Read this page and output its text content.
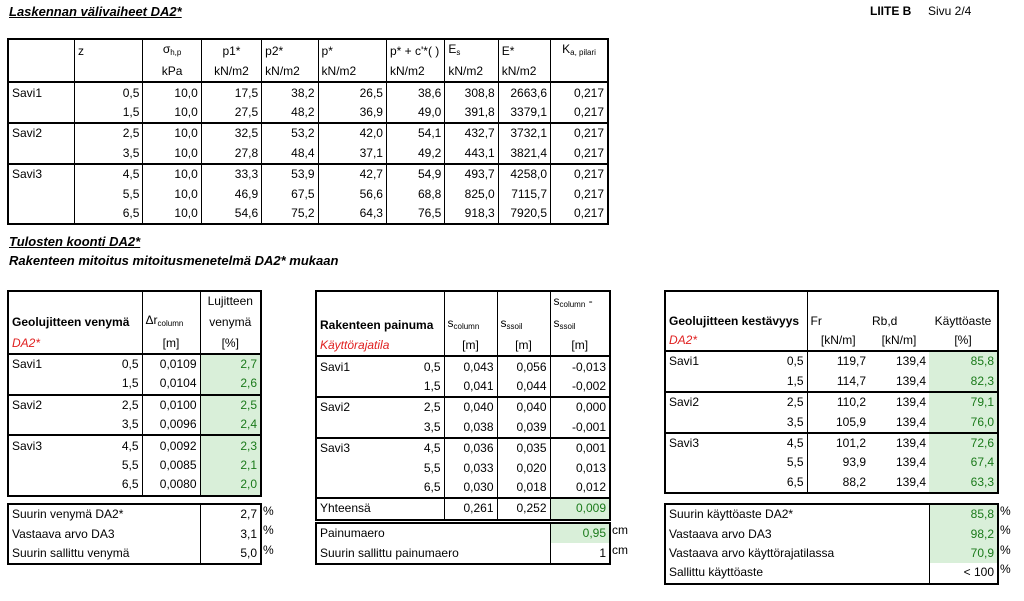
Laskennan välivaiheet DA2*	LIITE B Sivu 2/4
	z	$\sigma_{h,p}$	p1*	p2*	p*	p* + c'*( )	$E_s$	E*	$K_{a, pilari}$
		kPa	kN/m2	kN/m2	kN/m2	kN/m2	kN/m2	kN/m2	
Savi1	0,5	10,0	17,5	38,2	26,5	38,6	308,8	2663,6	0,217
	1,5	10,0	27,5	48,2	36,9	49,0	391,8	3379,1	0,217
Savi2	2,5	10,0	32,5	53,2	42,0	54,1	432,7	3732,1	0,217
	3,5	10,0	27,8	48,4	37,1	49,2	443,1	3821,4	0,217
Savi3	4,5	10,0	33,3	53,9	42,7	54,9	493,7	4258,0	0,217
	5,5	10,0	46,9	67,5	56,6	68,8	825,0	7115,7	0,217
	6,5	10,0	54,6	75,2	64,3	76,5	918,3	7920,5	0,217
Tulosten koonti DA2*
Rakenteen mitoitus mitoitusmenetelmä DA2* mukaan
			Lujitteen
Geolujitteen venymä		$\Delta r_{column}$	venymä
DA2*		[m]	[%]
Savi1	0,5	0,0109	2,7
	1,5	0,0104	2,6
Savi2	2,5	0,0100	2,5
	3,5	0,0096	2,4
Savi3	4,5	0,0092	2,3
	5,5	0,0085	2,1
	6,5	0,0080	2,0
Suurin venymä DA2*	2,7
Vastaava arvo DA3	3,1
Suurin sallittu venymä	5,0
%
%
%
				$s_{column}$ -
Rakenteen painuma		$s_{column}$	$s_{ssoil}$	$s_{ssoil}$
Käyttörajatila		[m]	[m]	[m]
Savi1	0,5	0,043	0,056	-0,013
	1,5	0,041	0,044	-0,002
Savi2	2,5	0,040	0,040	0,000
	3,5	0,038	0,039	-0,001
Savi3	4,5	0,036	0,035	0,001
	5,5	0,033	0,020	0,013
	6,5	0,030	0,018	0,012
Yhteensä		0,261	0,252	0,009
Painumaero	0,95
Suurin sallittu painumaero	1
cm
cm

Geolujitteen kestävyys		Fr	Rb,d	Käyttöaste
DA2*		[kN/m]	[kN/m]	[%]
Savi1	0,5	119,7	139,4	85,8
	1,5	114,7	139,4	82,3
Savi2	2,5	110,2	139,4	79,1
	3,5	105,9	139,4	76,0
Savi3	4,5	101,2	139,4	72,6
	5,5	93,9	139,4	67,4
	6,5	88,2	139,4	63,3
Suurin käyttöaste DA2*	85,8
Vastaava arvo DA3	98,2
Vastaava arvo käyttörajatilassa	70,9
Sallittu käyttöaste	< 100
%
%
%
%
